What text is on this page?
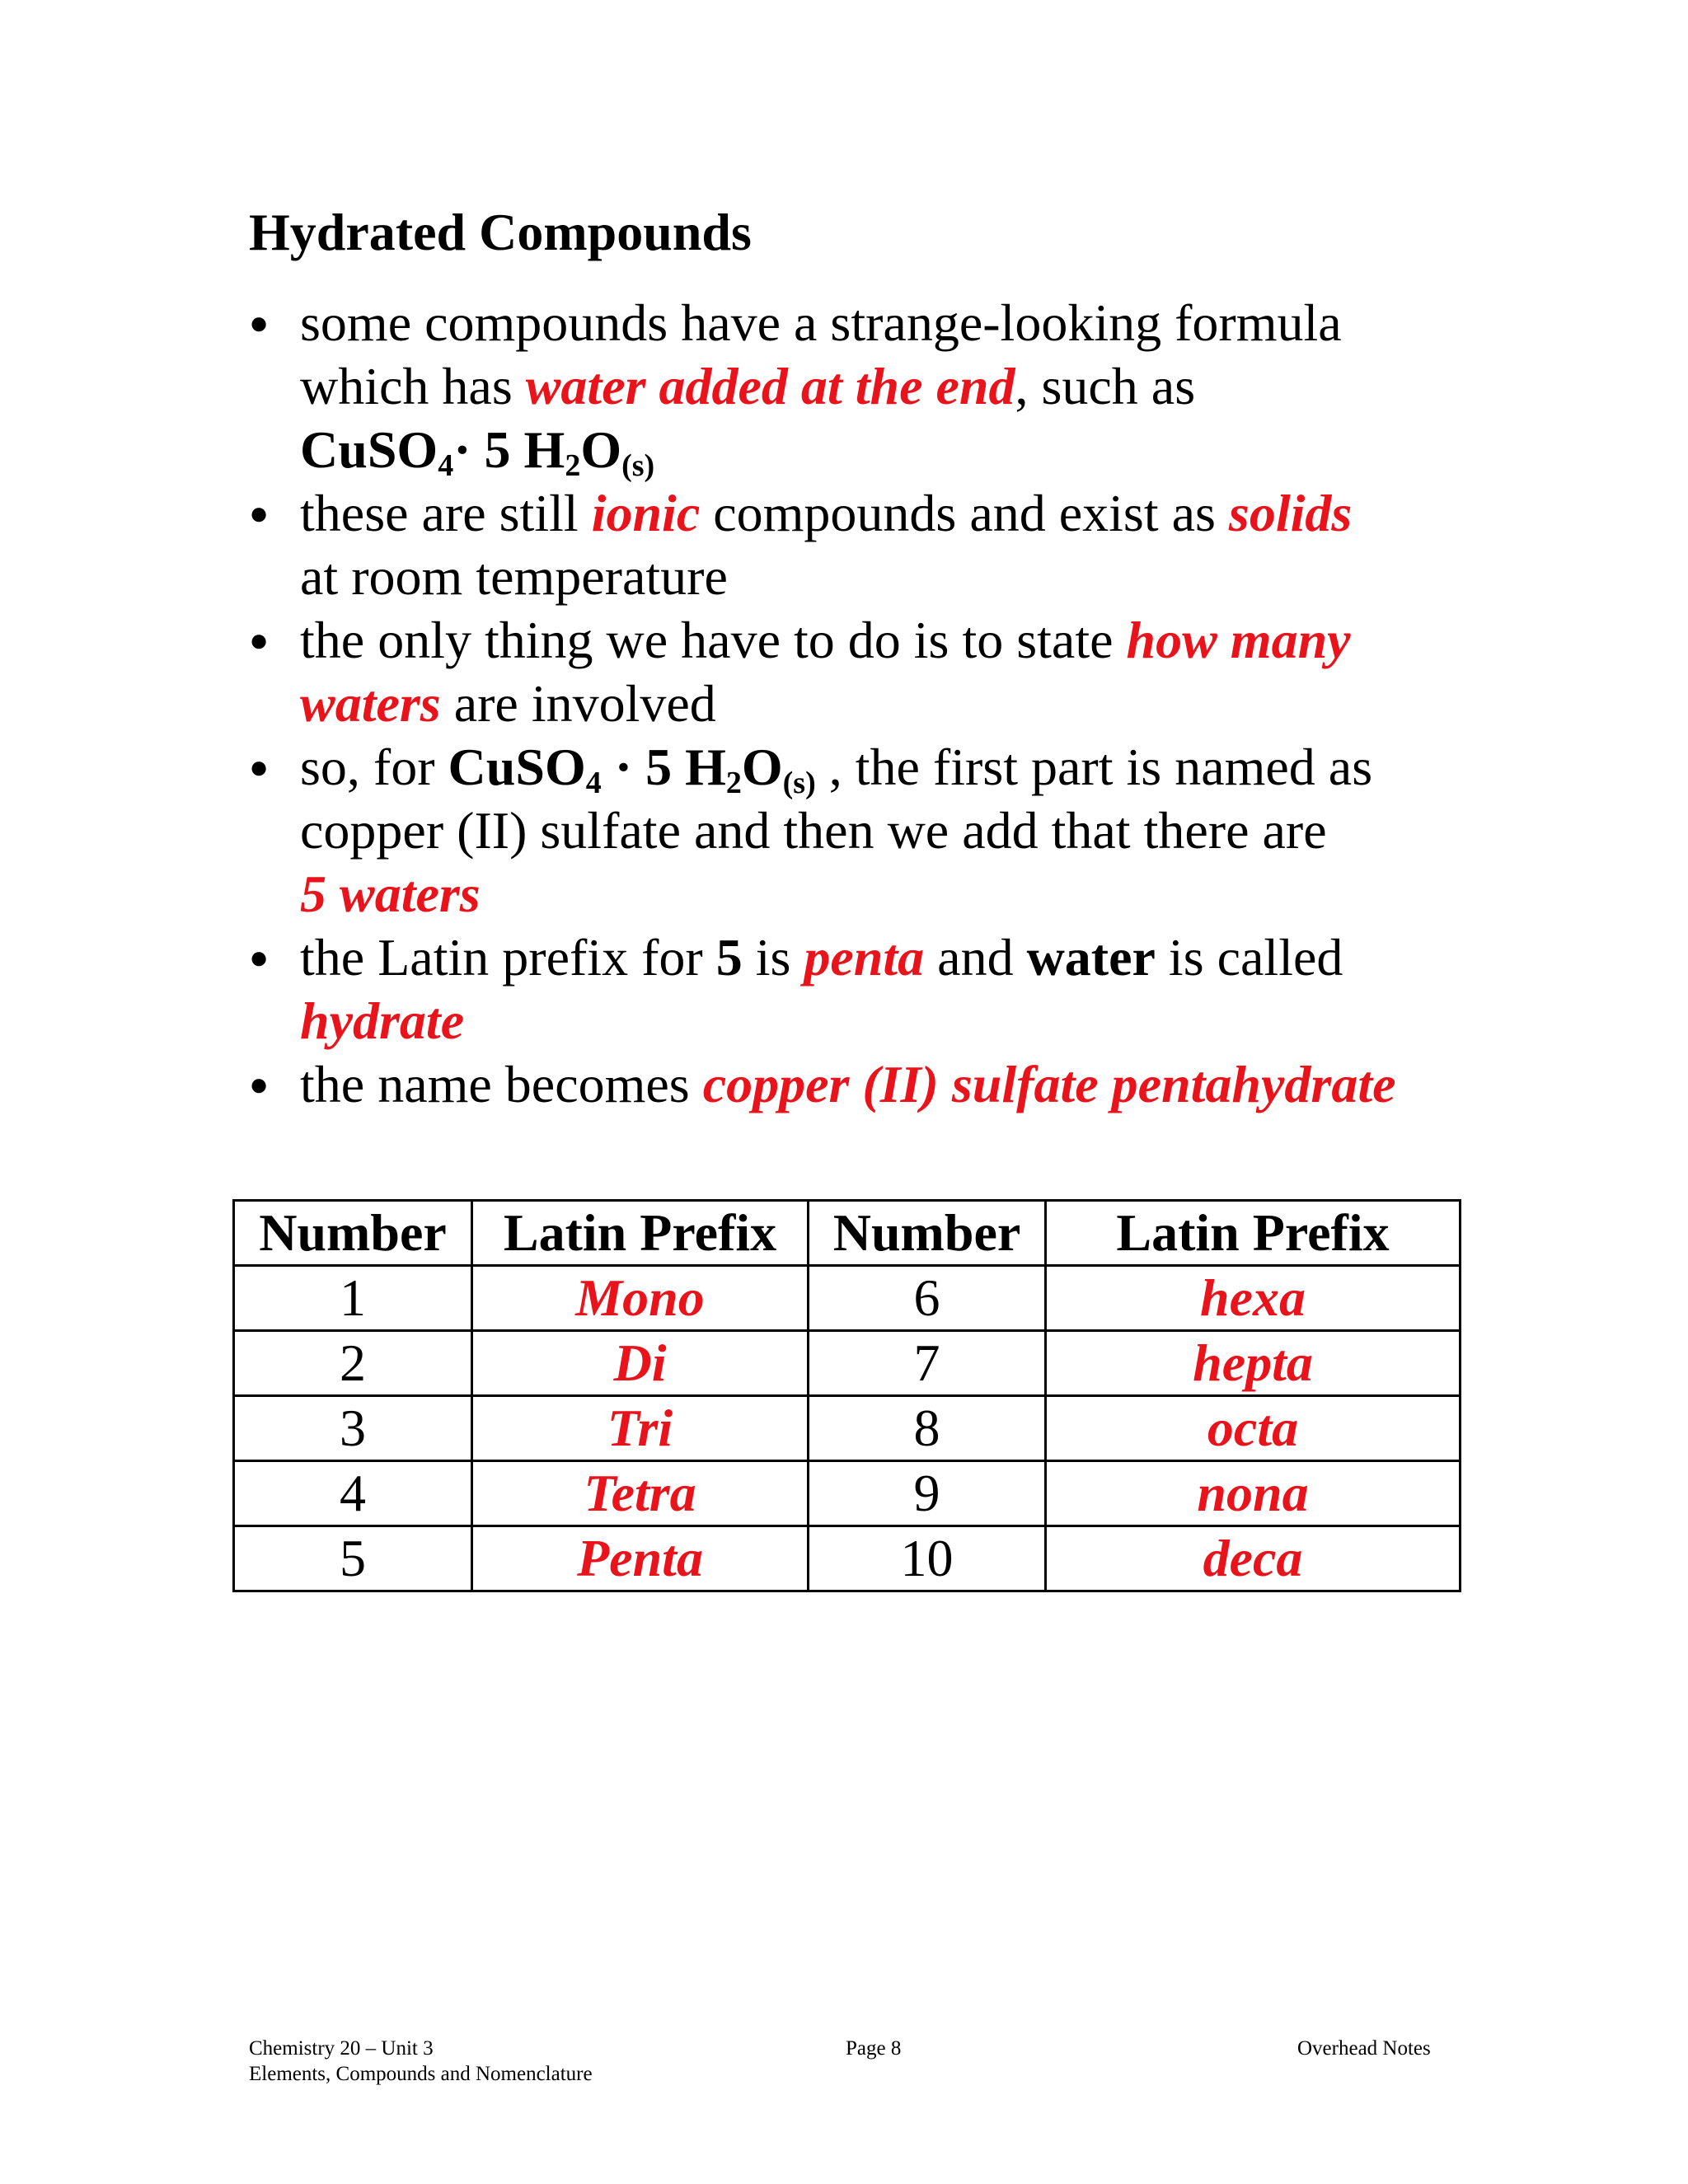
Hydrated Compounds
● some compounds have a strange-looking formula
which has water added at the end, such as
CuSO$_4$· 5 $H_2O_{(s)}$
● these are still ionic compounds and exist as solids
at room temperature
● the only thing we have to do is to state how many
waters are involved
● so, for CuSO$_4$ · 5 $H_2O_{(s)}$ , the first part is named as
copper (II) sulfate and then we add that there are
5 waters
● the Latin prefix for 5 is penta and water is called
hydrate
● the name becomes copper (II) sulfate pentahydrate
Number	Latin Prefix	Number	Latin Prefix
1	Mono	6	hexa
2	Di	7	hepta
3	Tri	8	octa
4	Tetra	9	nona
5	Penta	10	deca
Chemistry 20 – Unit 3
Elements, Compounds and Nomenclature
Page 8	Overhead Notes
